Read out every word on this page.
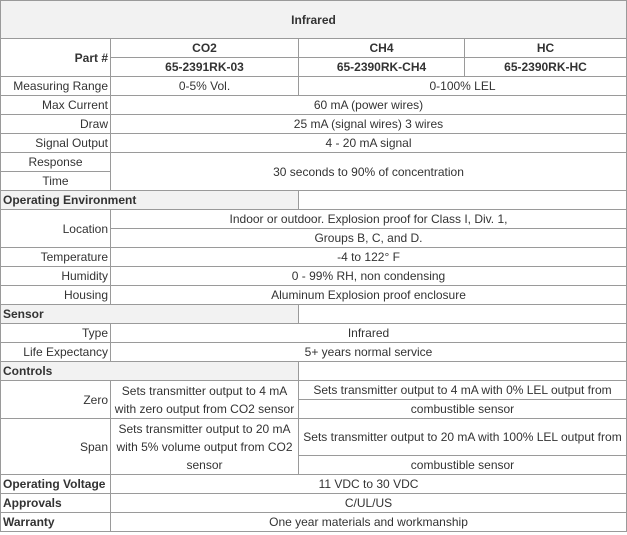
Infrared			
Part #	CO2	CH4	HC
	65-2391RK-03	65-2390RK-CH4	65-2390RK-HC
Measuring Range	0-5% Vol.	0-100% LEL	
Max Current	60 mA (power wires)		
Draw	25 mA (signal wires) 3 wires		
Signal Output	4 - 20 mA signal		
Response	30 seconds to 90% of concentration		
Time			
Operating Environment			
Location	Indoor or outdoor. Explosion proof for Class I, Div. 1,		
	Groups B, C, and D.		
Temperature	-4 to 122° F		
Humidity	0 - 99% RH, non condensing		
Housing	Aluminum Explosion proof enclosure		
Sensor			
Type	Infrared		
Life Expectancy	5+ years normal service		
Controls			
Zero	Sets transmitter output to 4 mA with zero output from CO2 sensor	Sets transmitter output to 4 mA with 0% LEL output from	
		combustible sensor	
Span	Sets transmitter output to 20 mA with 5% volume output from CO2 sensor	Sets transmitter output to 20 mA with 100% LEL output from	
		combustible sensor	
Operating Voltage	11 VDC to 30 VDC		
Approvals	C/UL/US		
Warranty	One year materials and workmanship		
